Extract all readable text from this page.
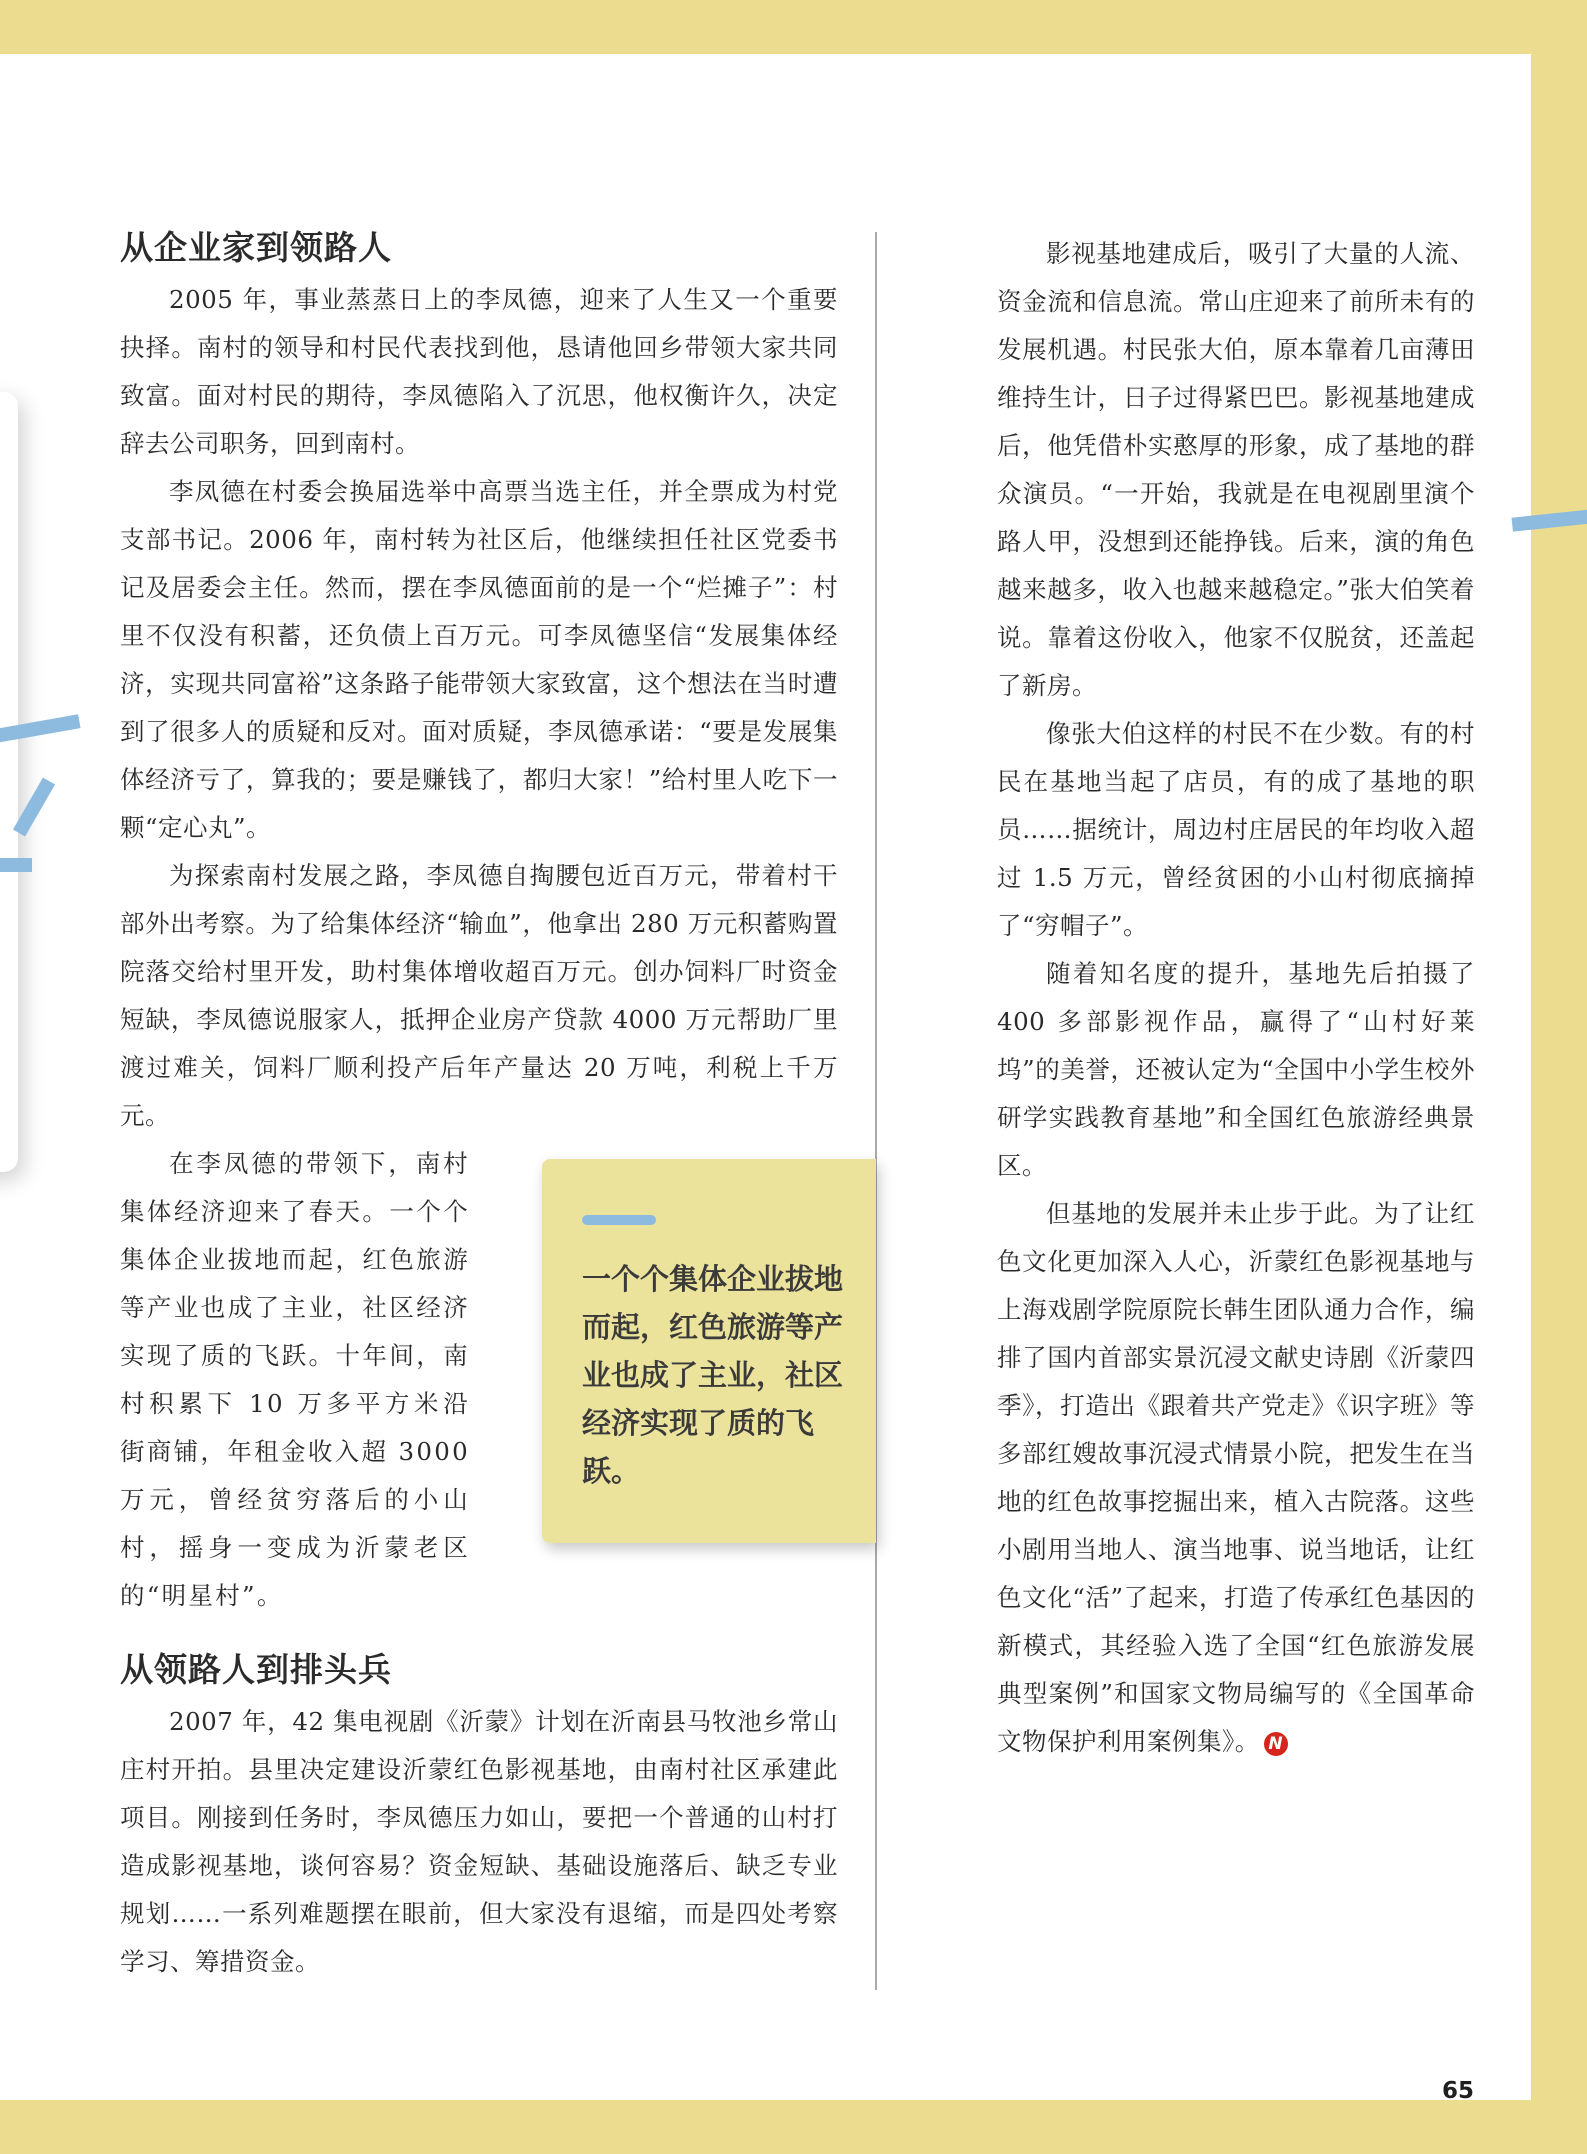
从企业家到领路人

2005 年，事业蒸蒸日上的李凤德，迎来了人生又一个重要抉择。南村的领导和村民代表找到他，恳请他回乡带领大家共同致富。面对村民的期待，李凤德陷入了沉思，他权衡许久，决定辞去公司职务，回到南村。

李凤德在村委会换届选举中高票当选主任，并全票成为村党支部书记。2006 年，南村转为社区后，他继续担任社区党委书记及居委会主任。然而，摆在李凤德面前的是一个“烂摊子”：村里不仅没有积蓄，还负债上百万元。可李凤德坚信“发展集体经济，实现共同富裕”这条路子能带领大家致富，这个想法在当时遭到了很多人的质疑和反对。面对质疑，李凤德承诺：“要是发展集体经济亏了，算我的；要是赚钱了，都归大家！”给村里人吃下一颗“定心丸”。

为探索南村发展之路，李凤德自掏腰包近百万元，带着村干部外出考察。为了给集体经济“输血”，他拿出 280 万元积蓄购置院落交给村里开发，助村集体增收超百万元。创办饲料厂时资金短缺，李凤德说服家人，抵押企业房产贷款 4000 万元帮助厂里渡过难关，饲料厂顺利投产后年产量达 20 万吨，利税上千万元。

在李凤德的带领下，南村集体经济迎来了春天。一个个集体企业拔地而起，红色旅游等产业也成了主业，社区经济实现了质的飞跃。十年间，南村积累下 10 万多平方米沿街商铺，年租金收入超 3000 万元，曾经贫穷落后的小山村，摇身一变成为沂蒙老区的“明星村”。

从领路人到排头兵

2007 年，42 集电视剧《沂蒙》计划在沂南县马牧池乡常山庄村开拍。县里决定建设沂蒙红色影视基地，由南村社区承建此项目。刚接到任务时，李凤德压力如山，要把一个普通的山村打造成影视基地，谈何容易？资金短缺、基础设施落后、缺乏专业规划……一系列难题摆在眼前，但大家没有退缩，而是四处考察学习、筹措资金。

一个个集体企业拔地而起，红色旅游等产业也成了主业，社区经济实现了质的飞跃。

影视基地建成后，吸引了大量的人流、资金流和信息流。常山庄迎来了前所未有的发展机遇。村民张大伯，原本靠着几亩薄田维持生计，日子过得紧巴巴。影视基地建成后，他凭借朴实憨厚的形象，成了基地的群众演员。“一开始，我就是在电视剧里演个路人甲，没想到还能挣钱。后来，演的角色越来越多，收入也越来越稳定。”张大伯笑着说。靠着这份收入，他家不仅脱贫，还盖起了新房。

像张大伯这样的村民不在少数。有的村民在基地当起了店员，有的成了基地的职员……据统计，周边村庄居民的年均收入超过 1.5 万元，曾经贫困的小山村彻底摘掉了“穷帽子”。

随着知名度的提升，基地先后拍摄了 400 多部影视作品，赢得了“山村好莱坞”的美誉，还被认定为“全国中小学生校外研学实践教育基地”和全国红色旅游经典景区。

但基地的发展并未止步于此。为了让红色文化更加深入人心，沂蒙红色影视基地与上海戏剧学院原院长韩生团队通力合作，编排了国内首部实景沉浸文献史诗剧《沂蒙四季》，打造出《跟着共产党走》《识字班》等多部红嫂故事沉浸式情景小院，把发生在当地的红色故事挖掘出来，植入古院落。这些小剧用当地人、演当地事、说当地话，让红色文化“活”了起来，打造了传承红色基因的新模式，其经验入选了全国“红色旅游发展典型案例”和国家文物局编写的《全国革命文物保护利用案例集》。 N

65
